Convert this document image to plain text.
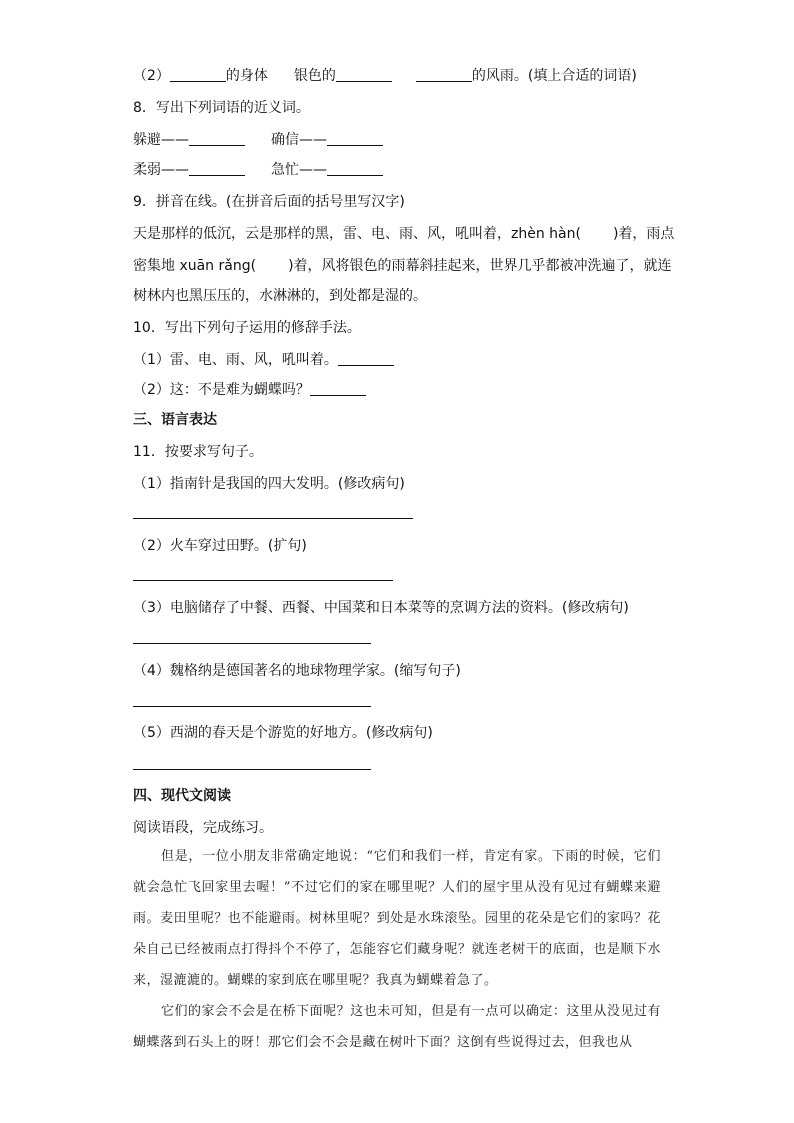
（2）	的身体 银色的	的风雨。(填上合适的词语)
8．写出下列词语的近义词。
躲避——	确信——
柔弱——	急忙——
9．拼音在线。(在拼音后面的括号里写汉字)
天是那样的低沉，云是那样的黑，雷、电、雨、风，吼叫着，zhèn hàn( )着，雨点
密集地 xuān rǎng( )着，风将银色的雨幕斜挂起来，世界几乎都被冲洗遍了，就连
树林内也黑压压的，水淋淋的，到处都是湿的。
10．写出下列句子运用的修辞手法。
（1）雷、电、雨、风，吼叫着。
（2）这：不是难为蝴蝶吗？
三、语言表达
11．按要求写句子。
（1）指南针是我国的四大发明。(修改病句)
（2）火车穿过田野。(扩句)
（3）电脑储存了中餐、西餐、中国菜和日本菜等的烹调方法的资料。(修改病句)
（4）魏格纳是德国著名的地球物理学家。(缩写句子)
（5）西湖的春天是个游览的好地方。(修改病句)
四、现代文阅读
阅读语段，完成练习。

但是，一位小朋友非常确定地说：“它们和我们一样，肯定有家。下雨的时候，它们就会急忙飞回家里去喔！”不过它们的家在哪里呢？人们的屋宇里从没有见过有蝴蝶来避雨。麦田里呢？也不能避雨。树林里呢？到处是水珠滚坠。园里的花朵是它们的家吗？花朵自己已经被雨点打得抖个不停了，怎能容它们藏身呢？就连老树干的底面，也是顺下水来，湿漉漉的。蝴蝶的家到底在哪里呢？我真为蝴蝶着急了。

它们的家会不会是在桥下面呢？这也未可知，但是有一点可以确定：这里从没见过有蝴蝶落到石头上的呀！那它们会不会是藏在树叶下面？这倒有些说得过去，但我也从
